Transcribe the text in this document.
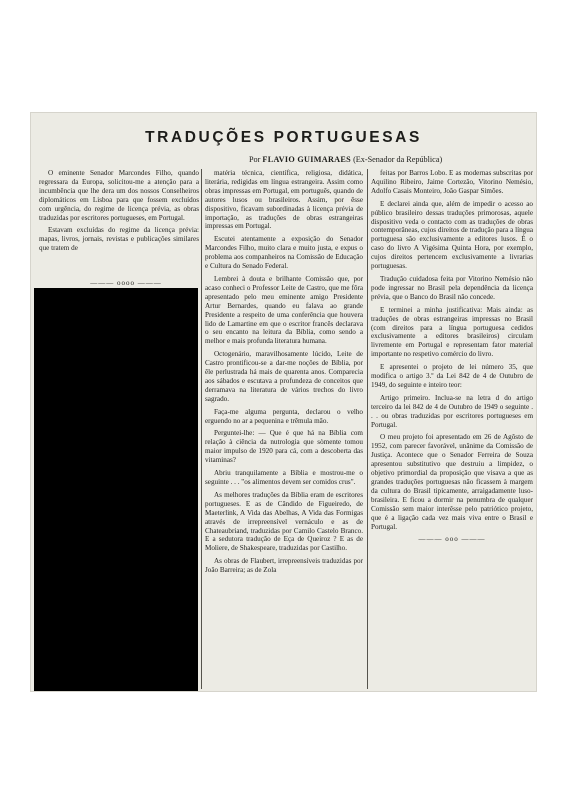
TRADUÇÕES PORTUGUESAS
Por FLAVIO GUIMARAES (Ex-Senador da República)

O eminente Senador Marcondes Filho, quando regressara da Europa, solicitou-me a atenção para a incumbência que lhe dera um dos nossos Conselheiros diplomáticos em Lisboa para que fossem excluídos com urgência, do regime de licença prévia, as obras traduzidas por escritores portugueses, em Portugal.

Estavam excluídas do regime da licença prévia: mapas, livros, jornais, revistas e publicações similares que tratem de

——— oooo ———

matéria técnica, científica, religiosa, didática, literária, redigidas em língua estrangeira. Assim como obras impressas em Portugal, em português, quando de autores lusos ou brasileiros. Assim, por êsse dispositivo, ficavam subordinadas à licença prévia de importação, as traduções de obras estrangeiras impressas em Portugal.

Escutei atentamente a exposição do Senador Marcondes Filho, muito clara e muito justa, e expus o problema aos companheiros na Comissão de Educação e Cultura do Senado Federal.

Lembrei à douta e brilhante Comissão que, por acaso conheci o Professor Leite de Castro, que me fôra apresentado pelo meu eminente amigo Presidente Artur Bernardes, quando eu falava ao grande Presidente a respeito de uma conferência que houvera lido de Lamartine em que o escritor francês declarava o seu encanto na leitura da Bíblia, como sendo a melhor e mais profunda literatura humana.

Octogenário, maravilhosamente lúcido, Leite de Castro prontificou-se a dar-me noções de Bíblia, por êle perlustrada há mais de quarenta anos. Comparecia aos sábados e escutava a profundeza de conceitos que derramava na literatura de vários trechos do livro sagrado.

Faça-me alguma pergunta, declarou o velho erguendo no ar a pequenina e trêmula mão.

Perguntei-lhe: — Que é que há na Bíblia com relação à ciência da nutrologia que sòmente tomou maior impulso de 1920 para cá, com a descoberta das vitaminas?

Abriu tranquilamente a Bíblia e mostrou-me o seguinte . . . "os alimentos devem ser comidos crus".

As melhores traduções da Bíblia eram de escritores portugueses. E as de Cândido de Figueiredo, de Maeterlink, A Vida das Abelhas, A Vida das Formigas através de irrepreensível vernáculo e as de Chateaubriand, traduzidas por Camilo Castelo Branco. E a sedutora tradução de Eça de Queiroz ? E as de Moliere, de Shakespeare, traduzidas por Castilho.

As obras de Flaubert, irrepreensíveis traduzidas por João Barreira; as de Zola

feitas por Barros Lobo. E as modernas subscritas por Aquilino Ribeiro, Jaime Cortezão, Vitorino Nemésio, Adolfo Casais Monteiro, João Gaspar Simões.

E declarei ainda que, além de impedir o acesso ao público brasileiro dessas traduções primorosas, aquele dispositivo veda o contacto com as traduções de obras contemporâneas, cujos direitos de tradução para a língua portuguesa são exclusivamente a editores lusos. É o caso do livro A Vigésima Quinta Hora, por exemplo, cujos direitos pertencem exclusivamente a livrarias portuguesas.

Tradução cuidadosa feita por Vitorino Nemésio não pode ingressar no Brasil pela dependência da licença prévia, que o Banco do Brasil não concede.

E terminei a minha justificativa: Mais ainda: as traduções de obras estrangeiras impressas no Brasil (com direitos para a língua portuguesa cedidos exclusivamente a editores brasileiros) circulam livremente em Portugal e representam fator material importante no respetivo comércio do livro.

E apresentei o projeto de lei número 35, que modifica o artigo 3.º da Lei 842 de 4 de Outubro de 1949, do seguinte e inteiro teor:

Artigo primeiro. Inclua-se na letra d do artigo terceiro da lei 842 de 4 de Outubro de 1949 o seguinte . . . ou obras traduzidas por escritores portugueses em Portugal.

O meu projeto foi apresentado em 26 de Agôsto de 1952, com parecer favorável, unânime da Comissão de Justiça. Acontece que o Senador Ferreira de Souza apresentou substitutivo que destruiu a limpidez, o objetivo primordial da proposição que visava a que as grandes traduções portuguesas não ficassem à margem da cultura do Brasil tipicamente, arraigadamente luso-brasileira. E ficou a dormir na penumbra de qualquer Comissão sem maior interêsse pelo patriótico projeto, que é a ligação cada vez mais viva entre o Brasil e Portugal.

——— ooo ———
